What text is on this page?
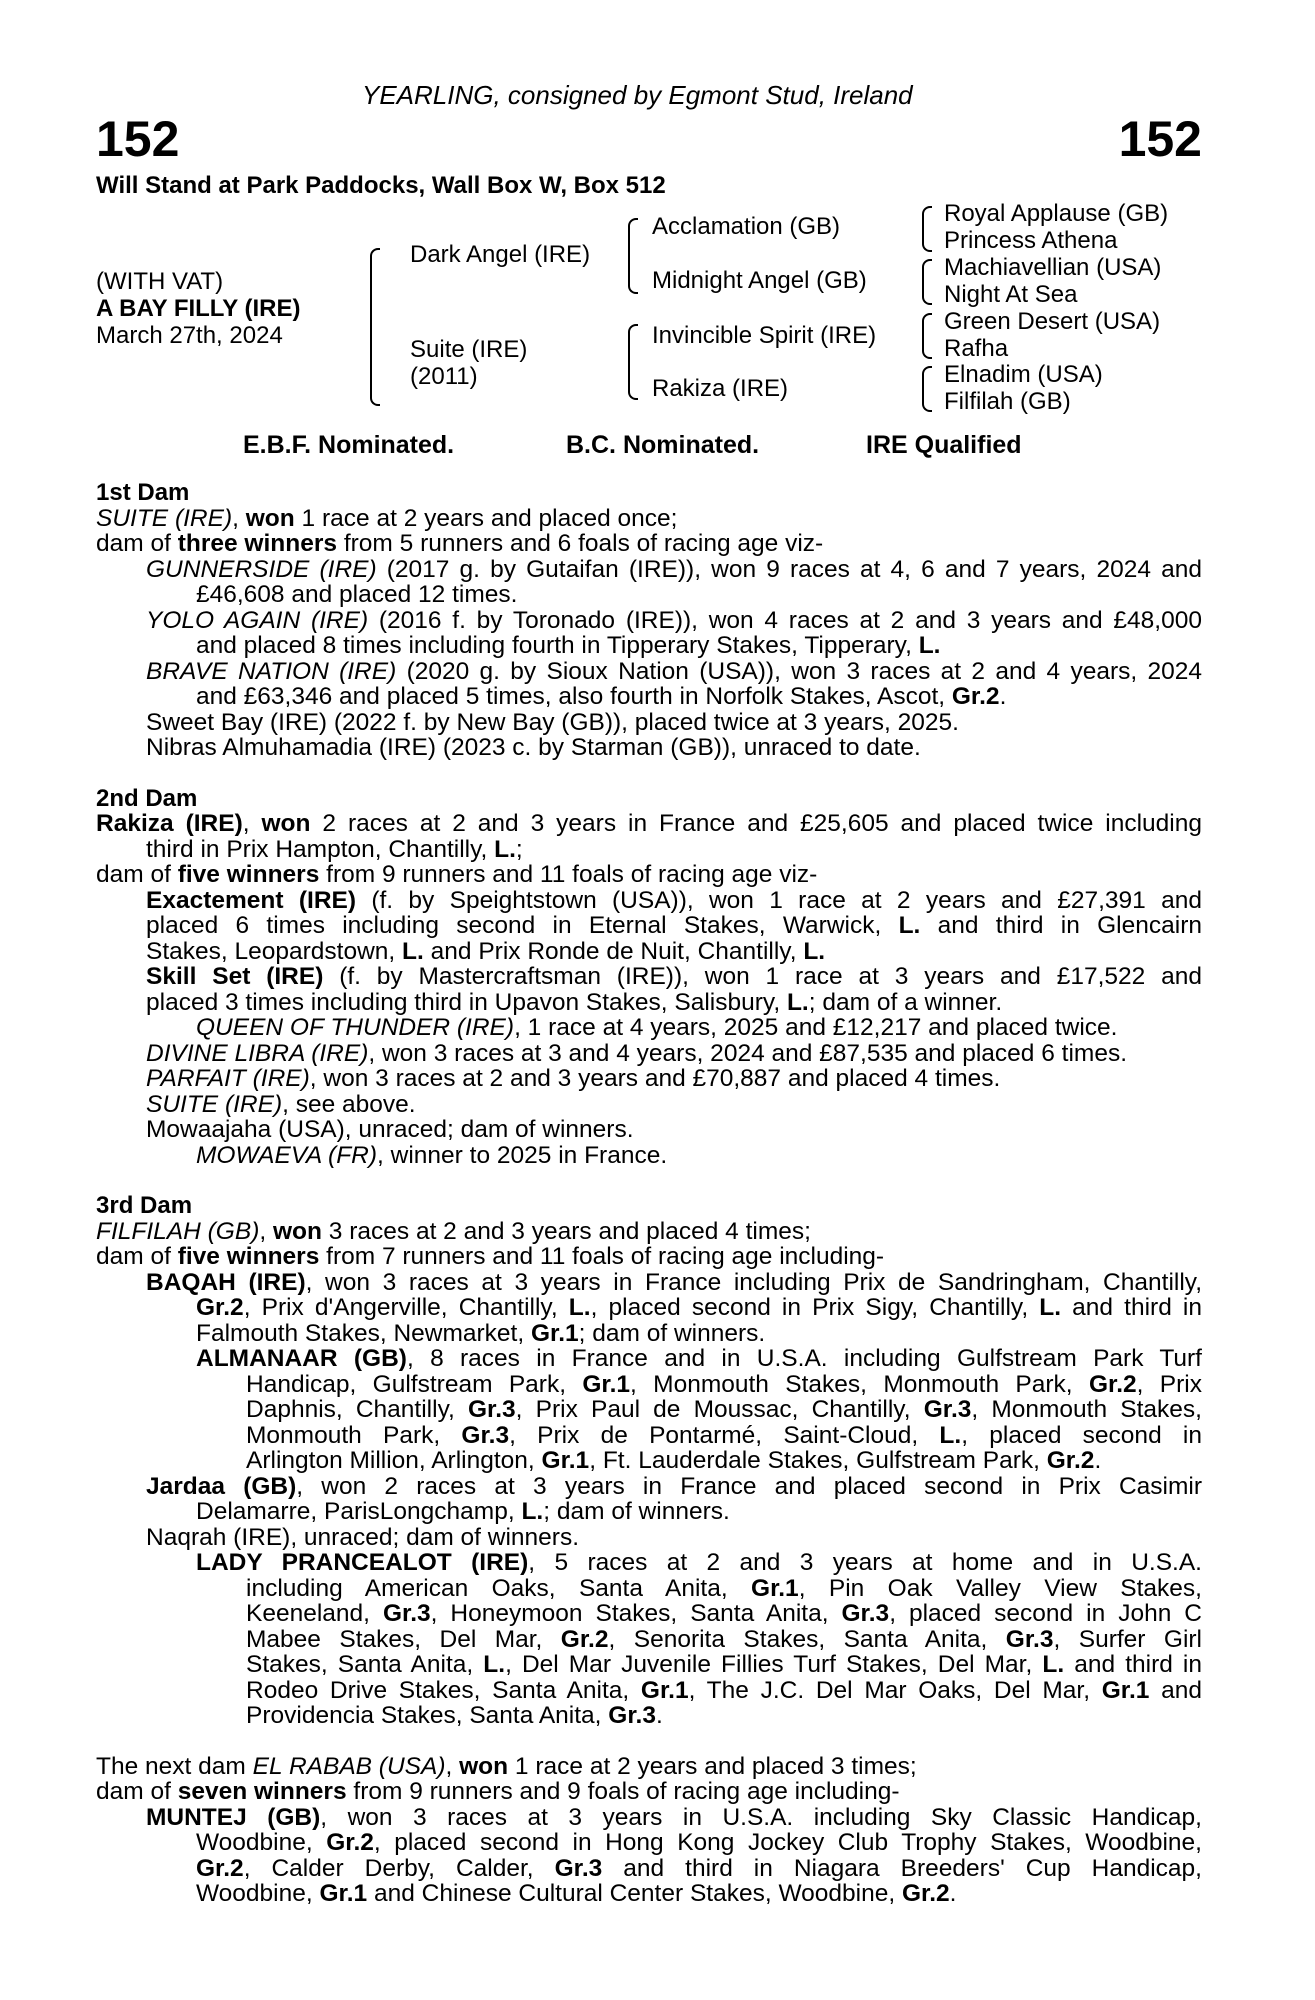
YEARLING, consigned by Egmont Stud, Ireland
152	152
Will Stand at Park Paddocks, Wall Box W, Box 512
(WITH VAT)
A BAY FILLY (IRE)
March 27th, 2024
Dark Angel (IRE)
Suite (IRE)
(2011)
Acclamation (GB)
Midnight Angel (GB)
Invincible Spirit (IRE)
Rakiza (IRE)
Royal Applause (GB)
Princess Athena
Machiavellian (USA)
Night At Sea
Green Desert (USA)
Rafha
Elnadim (USA)
Filfilah (GB)
E.B.F. Nominated.	B.C. Nominated.	IRE Qualified
1st Dam
SUITE (IRE), won 1 race at 2 years and placed once;
dam of three winners from 5 runners and 6 foals of racing age viz-
GUNNERSIDE (IRE) (2017 g. by Gutaifan (IRE)), won 9 races at 4, 6 and 7 years, 2024 and
£46,608 and placed 12 times.
YOLO AGAIN (IRE) (2016 f. by Toronado (IRE)), won 4 races at 2 and 3 years and £48,000
and placed 8 times including fourth in Tipperary Stakes, Tipperary, L.
BRAVE NATION (IRE) (2020 g. by Sioux Nation (USA)), won 3 races at 2 and 4 years, 2024
and £63,346 and placed 5 times, also fourth in Norfolk Stakes, Ascot, Gr.2.
Sweet Bay (IRE) (2022 f. by New Bay (GB)), placed twice at 3 years, 2025.
Nibras Almuhamadia (IRE) (2023 c. by Starman (GB)), unraced to date.
2nd Dam
Rakiza (IRE), won 2 races at 2 and 3 years in France and £25,605 and placed twice including
third in Prix Hampton, Chantilly, L.;
dam of five winners from 9 runners and 11 foals of racing age viz-
Exactement (IRE) (f. by Speightstown (USA)), won 1 race at 2 years and £27,391 and
placed 6 times including second in Eternal Stakes, Warwick, L. and third in Glencairn
Stakes, Leopardstown, L. and Prix Ronde de Nuit, Chantilly, L.
Skill Set (IRE) (f. by Mastercraftsman (IRE)), won 1 race at 3 years and £17,522 and
placed 3 times including third in Upavon Stakes, Salisbury, L.; dam of a winner.
QUEEN OF THUNDER (IRE), 1 race at 4 years, 2025 and £12,217 and placed twice.
DIVINE LIBRA (IRE), won 3 races at 3 and 4 years, 2024 and £87,535 and placed 6 times.
PARFAIT (IRE), won 3 races at 2 and 3 years and £70,887 and placed 4 times.
SUITE (IRE), see above.
Mowaajaha (USA), unraced; dam of winners.
MOWAEVA (FR), winner to 2025 in France.
3rd Dam
FILFILAH (GB), won 3 races at 2 and 3 years and placed 4 times;
dam of five winners from 7 runners and 11 foals of racing age including-
BAQAH (IRE), won 3 races at 3 years in France including Prix de Sandringham, Chantilly,
Gr.2, Prix d'Angerville, Chantilly, L., placed second in Prix Sigy, Chantilly, L. and third in
Falmouth Stakes, Newmarket, Gr.1; dam of winners.
ALMANAAR (GB), 8 races in France and in U.S.A. including Gulfstream Park Turf
Handicap, Gulfstream Park, Gr.1, Monmouth Stakes, Monmouth Park, Gr.2, Prix
Daphnis, Chantilly, Gr.3, Prix Paul de Moussac, Chantilly, Gr.3, Monmouth Stakes,
Monmouth Park, Gr.3, Prix de Pontarmé, Saint-Cloud, L., placed second in
Arlington Million, Arlington, Gr.1, Ft. Lauderdale Stakes, Gulfstream Park, Gr.2.
Jardaa (GB), won 2 races at 3 years in France and placed second in Prix Casimir
Delamarre, ParisLongchamp, L.; dam of winners.
Naqrah (IRE), unraced; dam of winners.
LADY PRANCEALOT (IRE), 5 races at 2 and 3 years at home and in U.S.A.
including American Oaks, Santa Anita, Gr.1, Pin Oak Valley View Stakes,
Keeneland, Gr.3, Honeymoon Stakes, Santa Anita, Gr.3, placed second in John C
Mabee Stakes, Del Mar, Gr.2, Senorita Stakes, Santa Anita, Gr.3, Surfer Girl
Stakes, Santa Anita, L., Del Mar Juvenile Fillies Turf Stakes, Del Mar, L. and third in
Rodeo Drive Stakes, Santa Anita, Gr.1, The J.C. Del Mar Oaks, Del Mar, Gr.1 and
Providencia Stakes, Santa Anita, Gr.3.
The next dam EL RABAB (USA), won 1 race at 2 years and placed 3 times;
dam of seven winners from 9 runners and 9 foals of racing age including-
MUNTEJ (GB), won 3 races at 3 years in U.S.A. including Sky Classic Handicap,
Woodbine, Gr.2, placed second in Hong Kong Jockey Club Trophy Stakes, Woodbine,
Gr.2, Calder Derby, Calder, Gr.3 and third in Niagara Breeders' Cup Handicap,
Woodbine, Gr.1 and Chinese Cultural Center Stakes, Woodbine, Gr.2.
